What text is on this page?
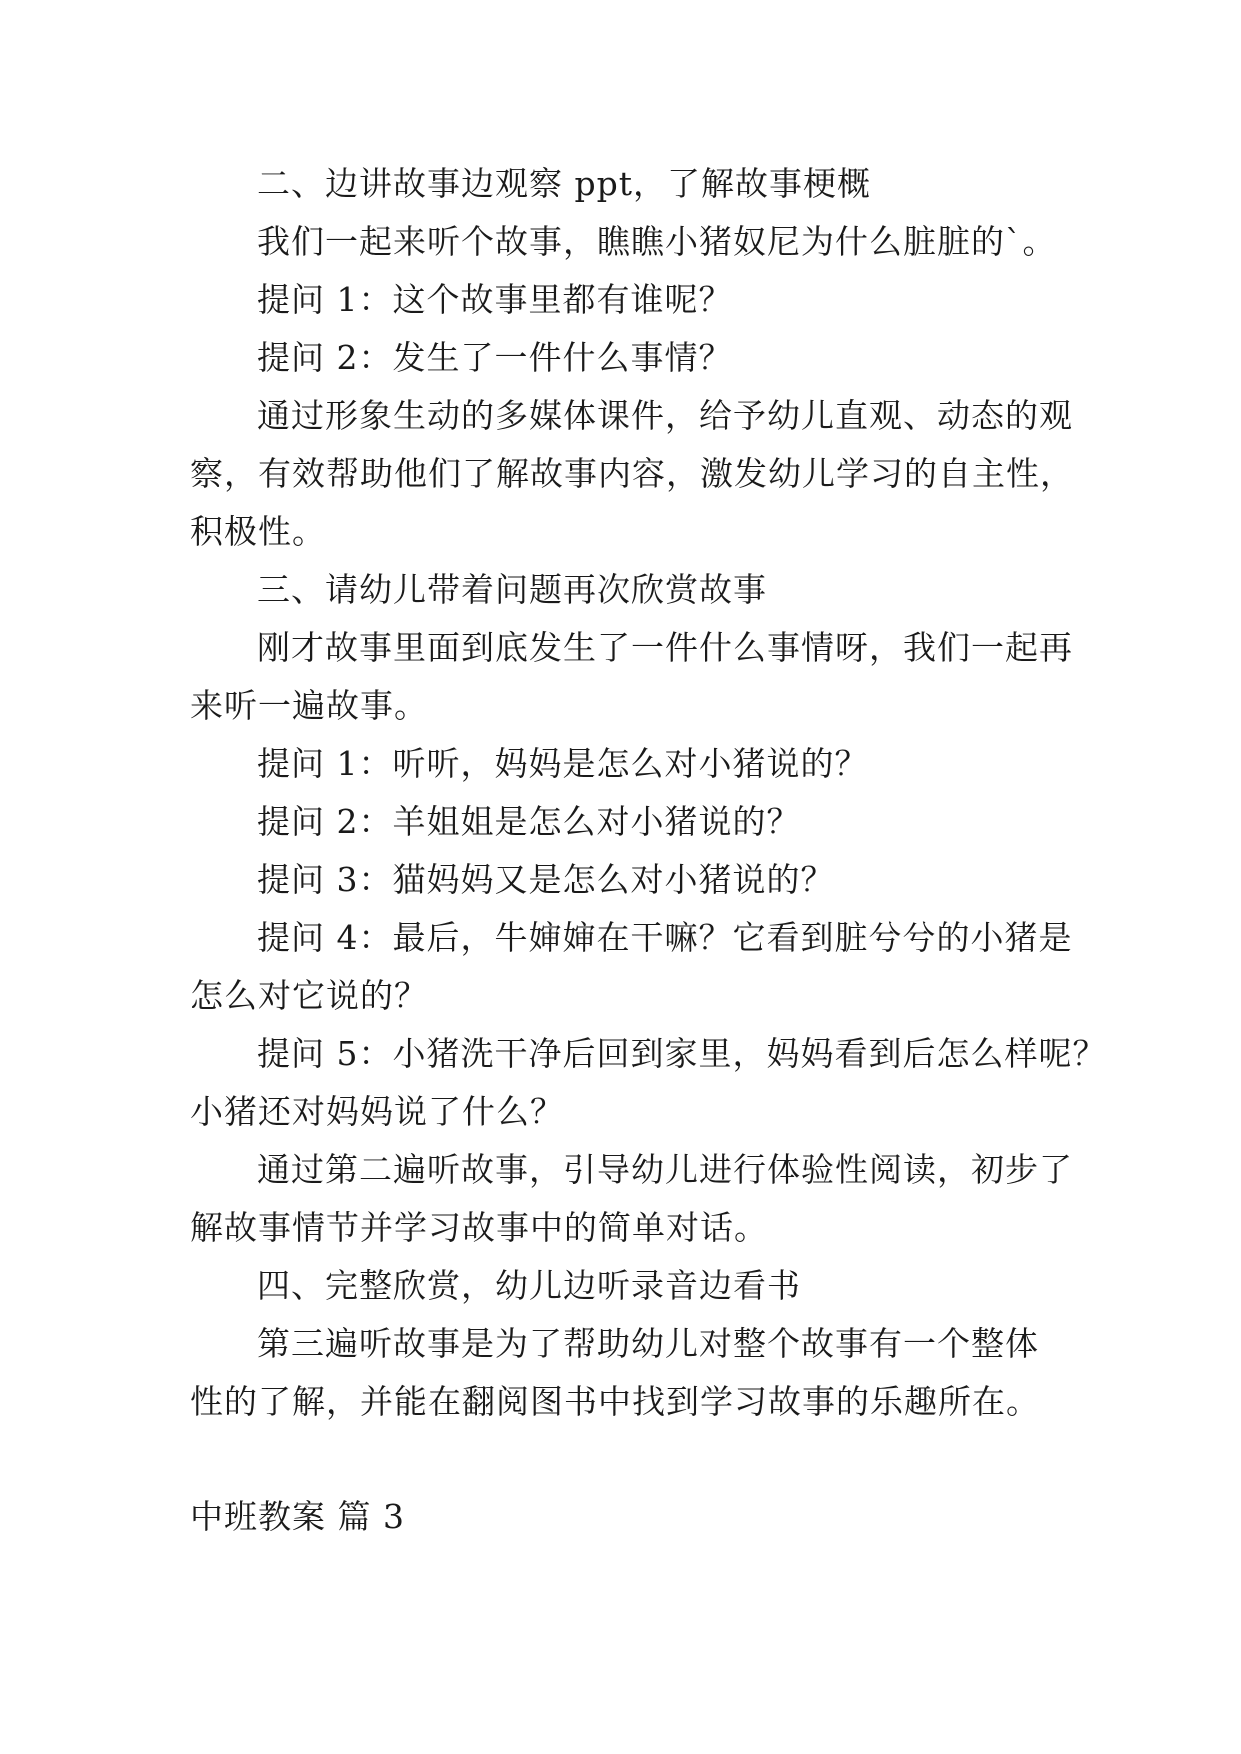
二、边讲故事边观察 ppt，了解故事梗概
我们一起来听个故事，瞧瞧小猪奴尼为什么脏脏的`。
提问 1：这个故事里都有谁呢？
提问 2：发生了一件什么事情？
通过形象生动的多媒体课件，给予幼儿直观、动态的观
察，有效帮助他们了解故事内容，激发幼儿学习的自主性，
积极性。
三、请幼儿带着问题再次欣赏故事
刚才故事里面到底发生了一件什么事情呀，我们一起再
来听一遍故事。
提问 1：听听，妈妈是怎么对小猪说的？
提问 2：羊姐姐是怎么对小猪说的？
提问 3：猫妈妈又是怎么对小猪说的？
提问 4：最后，牛婶婶在干嘛？它看到脏兮兮的小猪是
怎么对它说的？
提问 5：小猪洗干净后回到家里，妈妈看到后怎么样呢？
小猪还对妈妈说了什么？
通过第二遍听故事，引导幼儿进行体验性阅读，初步了
解故事情节并学习故事中的简单对话。
四、完整欣赏，幼儿边听录音边看书
第三遍听故事是为了帮助幼儿对整个故事有一个整体
性的了解，并能在翻阅图书中找到学习故事的乐趣所在。
中班教案 篇 3
